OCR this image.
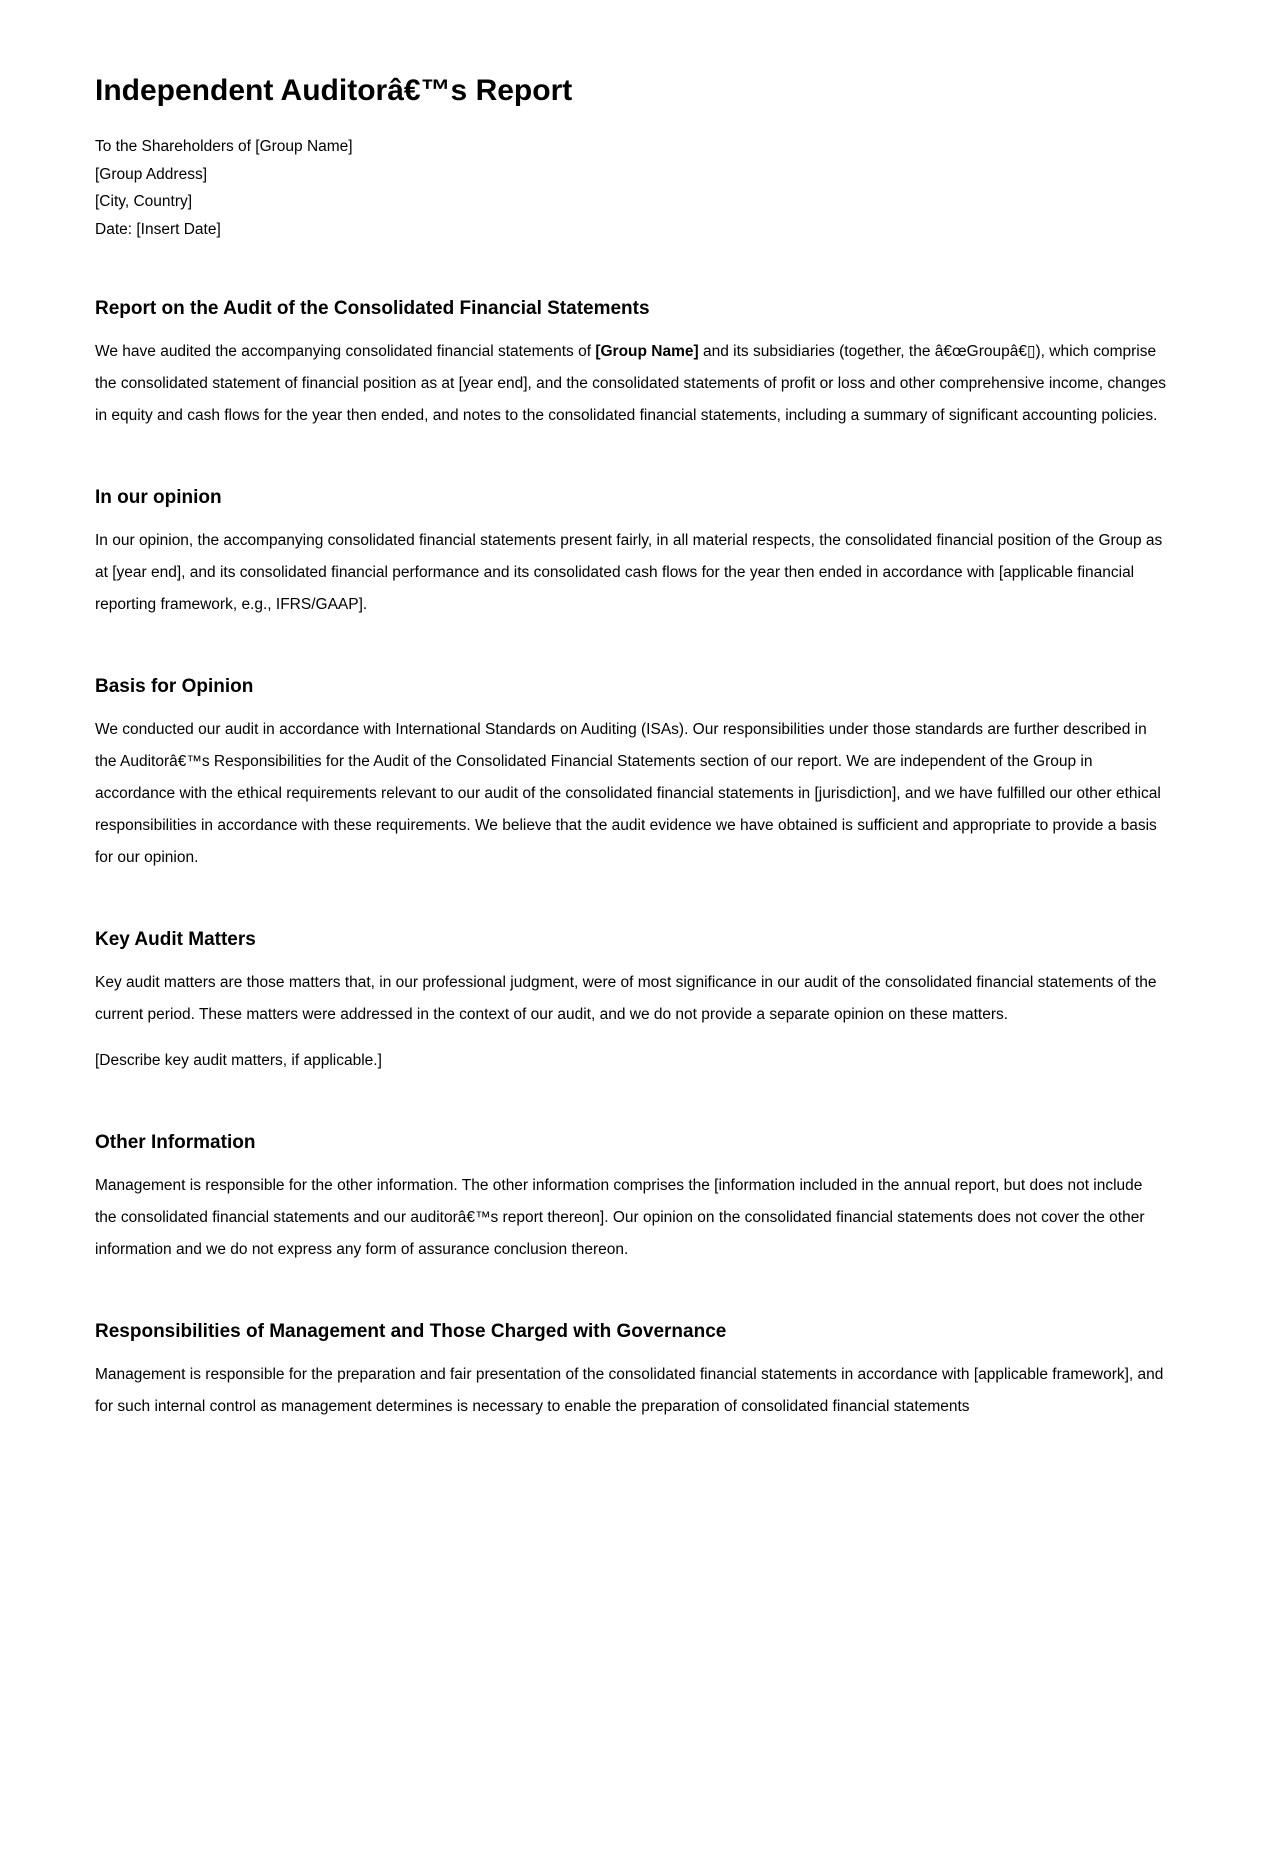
Independent Auditorâ€™s Report
To the Shareholders of [Group Name]
[Group Address]
[City, Country]
Date: [Insert Date]
Report on the Audit of the Consolidated Financial Statements

We have audited the accompanying consolidated financial statements of [Group Name] and its subsidiaries (together, the â€œGroupâ€▯), which comprise the consolidated statement of financial position as at [year end], and the consolidated statements of profit or loss and other comprehensive income, changes in equity and cash flows for the year then ended, and notes to the consolidated financial statements, including a summary of significant accounting policies.

In our opinion

In our opinion, the accompanying consolidated financial statements present fairly, in all material respects, the consolidated financial position of the Group as at [year end], and its consolidated financial performance and its consolidated cash flows for the year then ended in accordance with [applicable financial reporting framework, e.g., IFRS/GAAP].

Basis for Opinion

We conducted our audit in accordance with International Standards on Auditing (ISAs). Our responsibilities under those standards are further described in the Auditorâ€™s Responsibilities for the Audit of the Consolidated Financial Statements section of our report. We are independent of the Group in accordance with the ethical requirements relevant to our audit of the consolidated financial statements in [jurisdiction], and we have fulfilled our other ethical responsibilities in accordance with these requirements. We believe that the audit evidence we have obtained is sufficient and appropriate to provide a basis for our opinion.

Key Audit Matters

Key audit matters are those matters that, in our professional judgment, were of most significance in our audit of the consolidated financial statements of the current period. These matters were addressed in the context of our audit, and we do not provide a separate opinion on these matters.

[Describe key audit matters, if applicable.]

Other Information

Management is responsible for the other information. The other information comprises the [information included in the annual report, but does not include the consolidated financial statements and our auditorâ€™s report thereon]. Our opinion on the consolidated financial statements does not cover the other information and we do not express any form of assurance conclusion thereon.

Responsibilities of Management and Those Charged with Governance

Management is responsible for the preparation and fair presentation of the consolidated financial statements in accordance with [applicable framework], and for such internal control as management determines is necessary to enable the preparation of consolidated financial statements
